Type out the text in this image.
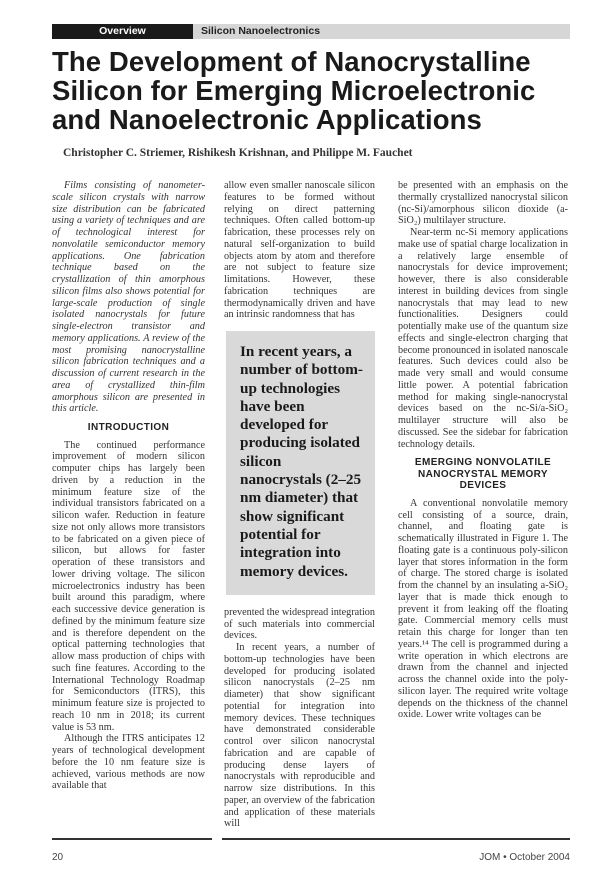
Overview	Silicon Nanoelectronics
The Development of Nanocrystalline
Silicon for Emerging Microelectronic
and Nanoelectronic Applications
Christopher C. Striemer, Rishikesh Krishnan, and Philippe M. Fauchet

Films consisting of nanometer-scale silicon crystals with narrow size distribution can be fabricated using a variety of techniques and are of technological interest for nonvolatile semiconductor memory applications. One fabrication technique based on the crystallization of thin amorphous silicon films also shows potential for large-scale production of single isolated nanocrystals for future single-electron transistor and memory applications. A review of the most promising nanocrystalline silicon fabrication techniques and a discussion of current research in the area of crystallized thin-film amorphous silicon are presented in this article.

INTRODUCTION

The continued performance improvement of modern silicon computer chips has largely been driven by a reduction in the minimum feature size of the individual transistors fabricated on a silicon wafer. Reduction in feature size not only allows more transistors to be fabricated on a given piece of silicon, but allows for faster operation of these transistors and lower driving voltage. The silicon microelectronics industry has been built around this paradigm, where each successive device generation is defined by the minimum feature size and is therefore dependent on the optical patterning technologies that allow mass production of chips with such fine features. According to the International Technology Roadmap for Semiconductors (ITRS), this minimum feature size is projected to reach 10 nm in 2018; its current value is 53 nm.

Although the ITRS anticipates 12 years of technological development before the 10 nm feature size is achieved, various methods are now available that

allow even smaller nanoscale silicon features to be formed without relying on direct patterning techniques. Often called bottom-up fabrication, these processes rely on natural self-organization to build objects atom by atom and therefore are not subject to feature size limitations. However, these fabrication techniques are thermodynamically driven and have an intrinsic randomness that has

In recent years, a number of bottom-up technologies have been developed for producing isolated silicon nanocrystals (2–25 nm diameter) that show significant potential for integration into memory devices.

prevented the widespread integration of such materials into commercial devices.

In recent years, a number of bottom-up technologies have been developed for producing isolated silicon nanocrystals (2–25 nm diameter) that show significant potential for integration into memory devices. These techniques have demonstrated considerable control over silicon nanocrystal fabrication and are capable of producing dense layers of nanocrystals with reproducible and narrow size distributions. In this paper, an overview of the fabrication and application of these materials will

be presented with an emphasis on the thermally crystallized nanocrystal silicon (nc-Si)/amorphous silicon dioxide (a-SiO₂) multilayer structure.

Near-term nc-Si memory applications make use of spatial charge localization in a relatively large ensemble of nanocrystals for device improvement; however, there is also considerable interest in building devices from single nanocrystals that may lead to new functionalities. Designers could potentially make use of the quantum size effects and single-electron charging that become pronounced in isolated nanoscale features. Such devices could also be made very small and would consume little power. A potential fabrication method for making single-nanocrystal devices based on the nc-Si/a-SiO₂ multilayer structure will also be discussed. See the sidebar for fabrication technology details.

EMERGING NONVOLATILE NANOCRYSTAL MEMORY DEVICES

A conventional nonvolatile memory cell consisting of a source, drain, channel, and floating gate is schematically illustrated in Figure 1. The floating gate is a continuous poly-silicon layer that stores information in the form of charge. The stored charge is isolated from the channel by an insulating a-SiO₂ layer that is made thick enough to prevent it from leaking off the floating gate. Commercial memory cells must retain this charge for longer than ten years.¹⁴ The cell is programmed during a write operation in which electrons are drawn from the channel and injected across the channel oxide into the poly-silicon layer. The required write voltage depends on the thickness of the channel oxide. Lower write voltages can be

20	JOM • October 2004
